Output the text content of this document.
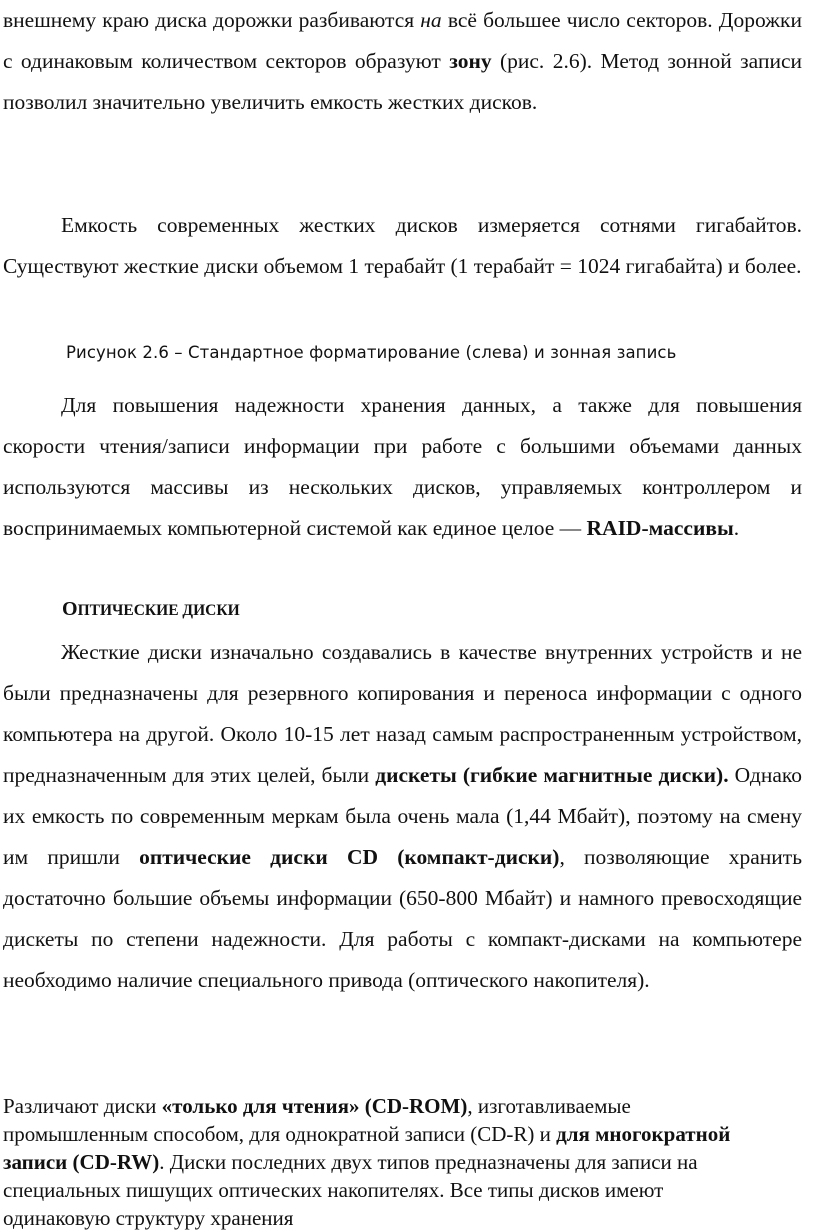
внешнему краю диска дорожки разбиваются на всё большее число секторов. Дорожки с одинаковым количеством секторов образуют зону (рис. 2.6). Метод зонной записи позволил значительно увеличить емкость жестких дисков.

Емкость современных жестких дисков измеряется сотнями гигабайтов. Существуют жесткие диски объемом 1 терабайт (1 терабайт = 1024 гигабайта) и более.

Рисунок 2.6 – Стандартное форматирование (слева) и зонная запись

Для повышения надежности хранения данных, а также для повышения скорости чтения/записи информации при работе с большими объемами данных используются массивы из нескольких дисков, управляемых контроллером и воспринимаемых компьютерной системой как единое целое — RAID-массивы.

ОПТИЧЕСКИЕ ДИСКИ

Жесткие диски изначально создавались в качестве внутренних устройств и не были предназначены для резервного копирования и переноса информации с одного компьютера на другой. Около 10-15 лет назад самым распространенным устройством, предназначенным для этих целей, были дискеты (гибкие магнитные диски). Однако их емкость по современным меркам была очень мала (1,44 Мбайт), поэтому на смену им пришли оптические диски CD (компакт-диски), позволяющие хранить достаточно большие объемы информации (650-800 Мбайт) и намного превосходящие дискеты по степени надежности. Для работы с компакт-дисками на компьютере необходимо наличие специального привода (оптического накопителя).

Различают диски «только для чтения» (CD-ROM), изготавливаемые промышленным способом, для однократной записи (CD-R) и для многократной записи (CD-RW). Диски последних двух типов предназначены для записи на специальных пишущих оптических накопителях. Все типы дисков имеют одинаковую структуру хранения
